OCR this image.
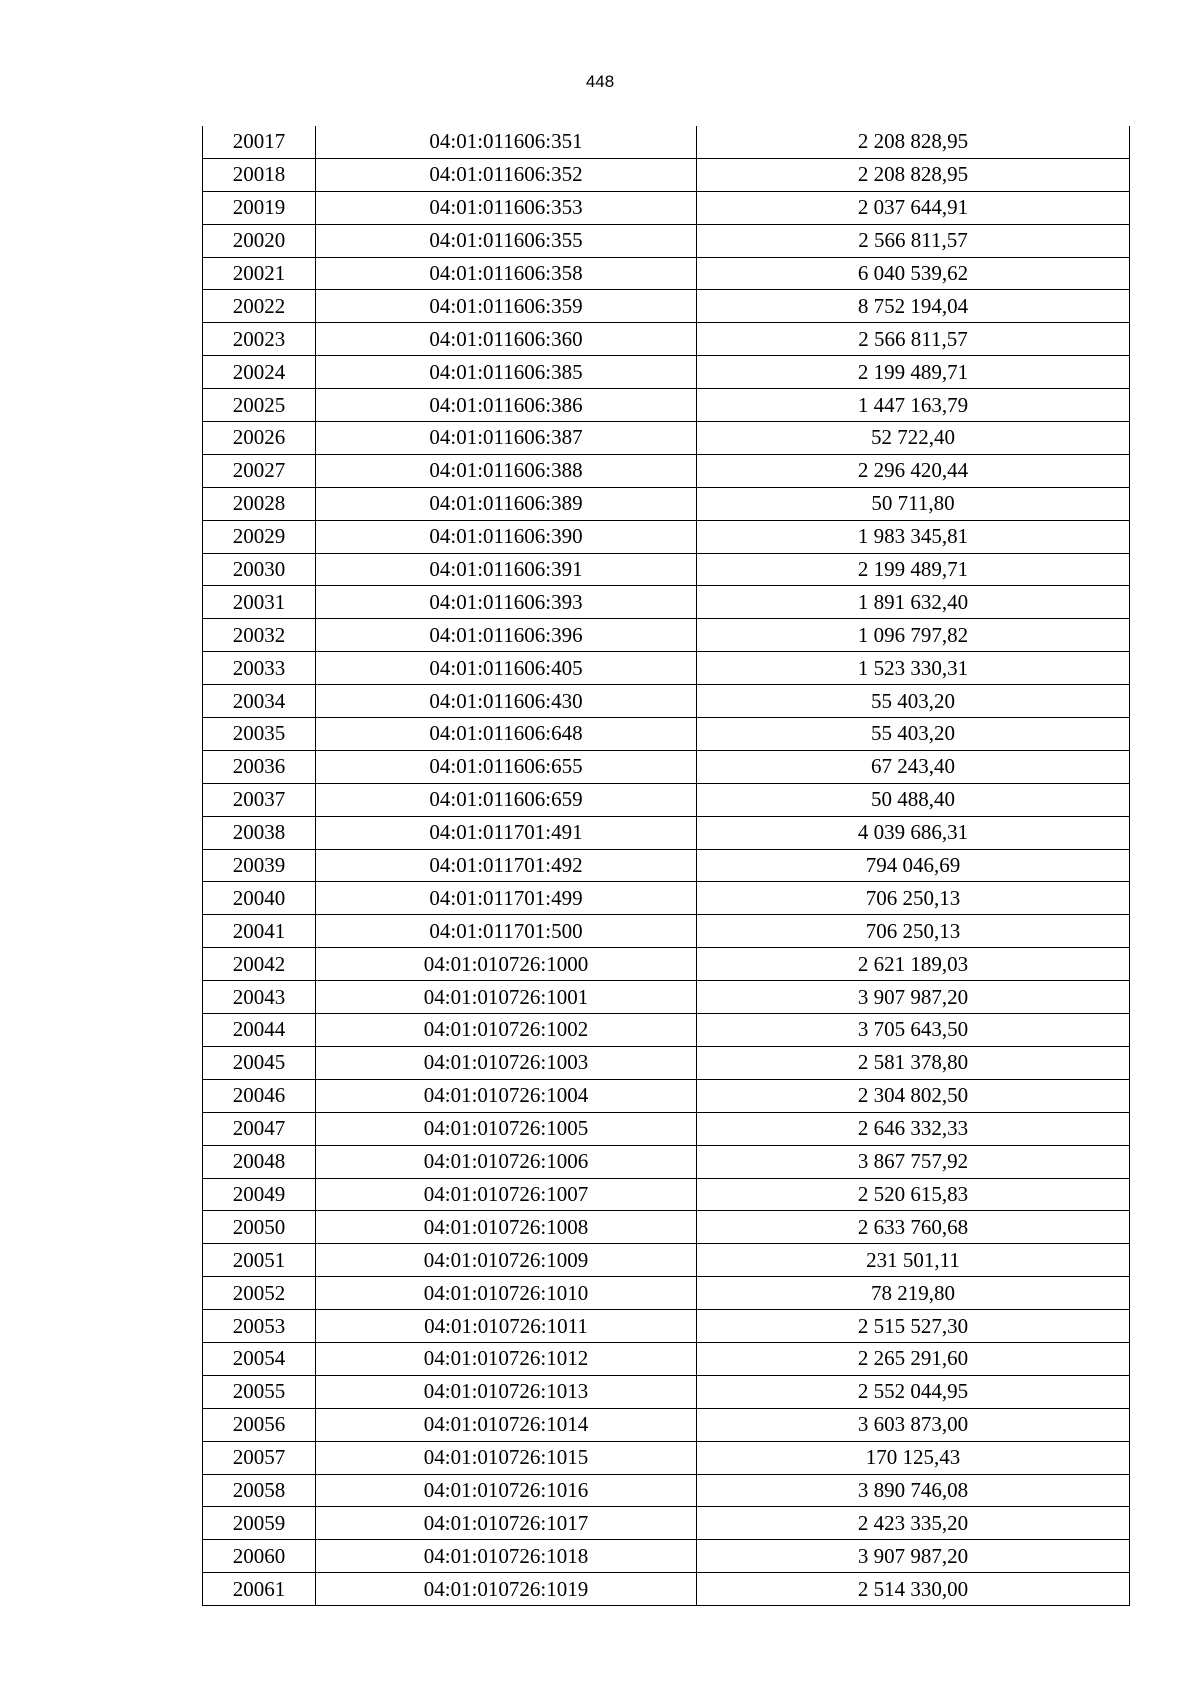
448
20017	04:01:011606:351	2 208 828,95
20018	04:01:011606:352	2 208 828,95
20019	04:01:011606:353	2 037 644,91
20020	04:01:011606:355	2 566 811,57
20021	04:01:011606:358	6 040 539,62
20022	04:01:011606:359	8 752 194,04
20023	04:01:011606:360	2 566 811,57
20024	04:01:011606:385	2 199 489,71
20025	04:01:011606:386	1 447 163,79
20026	04:01:011606:387	52 722,40
20027	04:01:011606:388	2 296 420,44
20028	04:01:011606:389	50 711,80
20029	04:01:011606:390	1 983 345,81
20030	04:01:011606:391	2 199 489,71
20031	04:01:011606:393	1 891 632,40
20032	04:01:011606:396	1 096 797,82
20033	04:01:011606:405	1 523 330,31
20034	04:01:011606:430	55 403,20
20035	04:01:011606:648	55 403,20
20036	04:01:011606:655	67 243,40
20037	04:01:011606:659	50 488,40
20038	04:01:011701:491	4 039 686,31
20039	04:01:011701:492	794 046,69
20040	04:01:011701:499	706 250,13
20041	04:01:011701:500	706 250,13
20042	04:01:010726:1000	2 621 189,03
20043	04:01:010726:1001	3 907 987,20
20044	04:01:010726:1002	3 705 643,50
20045	04:01:010726:1003	2 581 378,80
20046	04:01:010726:1004	2 304 802,50
20047	04:01:010726:1005	2 646 332,33
20048	04:01:010726:1006	3 867 757,92
20049	04:01:010726:1007	2 520 615,83
20050	04:01:010726:1008	2 633 760,68
20051	04:01:010726:1009	231 501,11
20052	04:01:010726:1010	78 219,80
20053	04:01:010726:1011	2 515 527,30
20054	04:01:010726:1012	2 265 291,60
20055	04:01:010726:1013	2 552 044,95
20056	04:01:010726:1014	3 603 873,00
20057	04:01:010726:1015	170 125,43
20058	04:01:010726:1016	3 890 746,08
20059	04:01:010726:1017	2 423 335,20
20060	04:01:010726:1018	3 907 987,20
20061	04:01:010726:1019	2 514 330,00
